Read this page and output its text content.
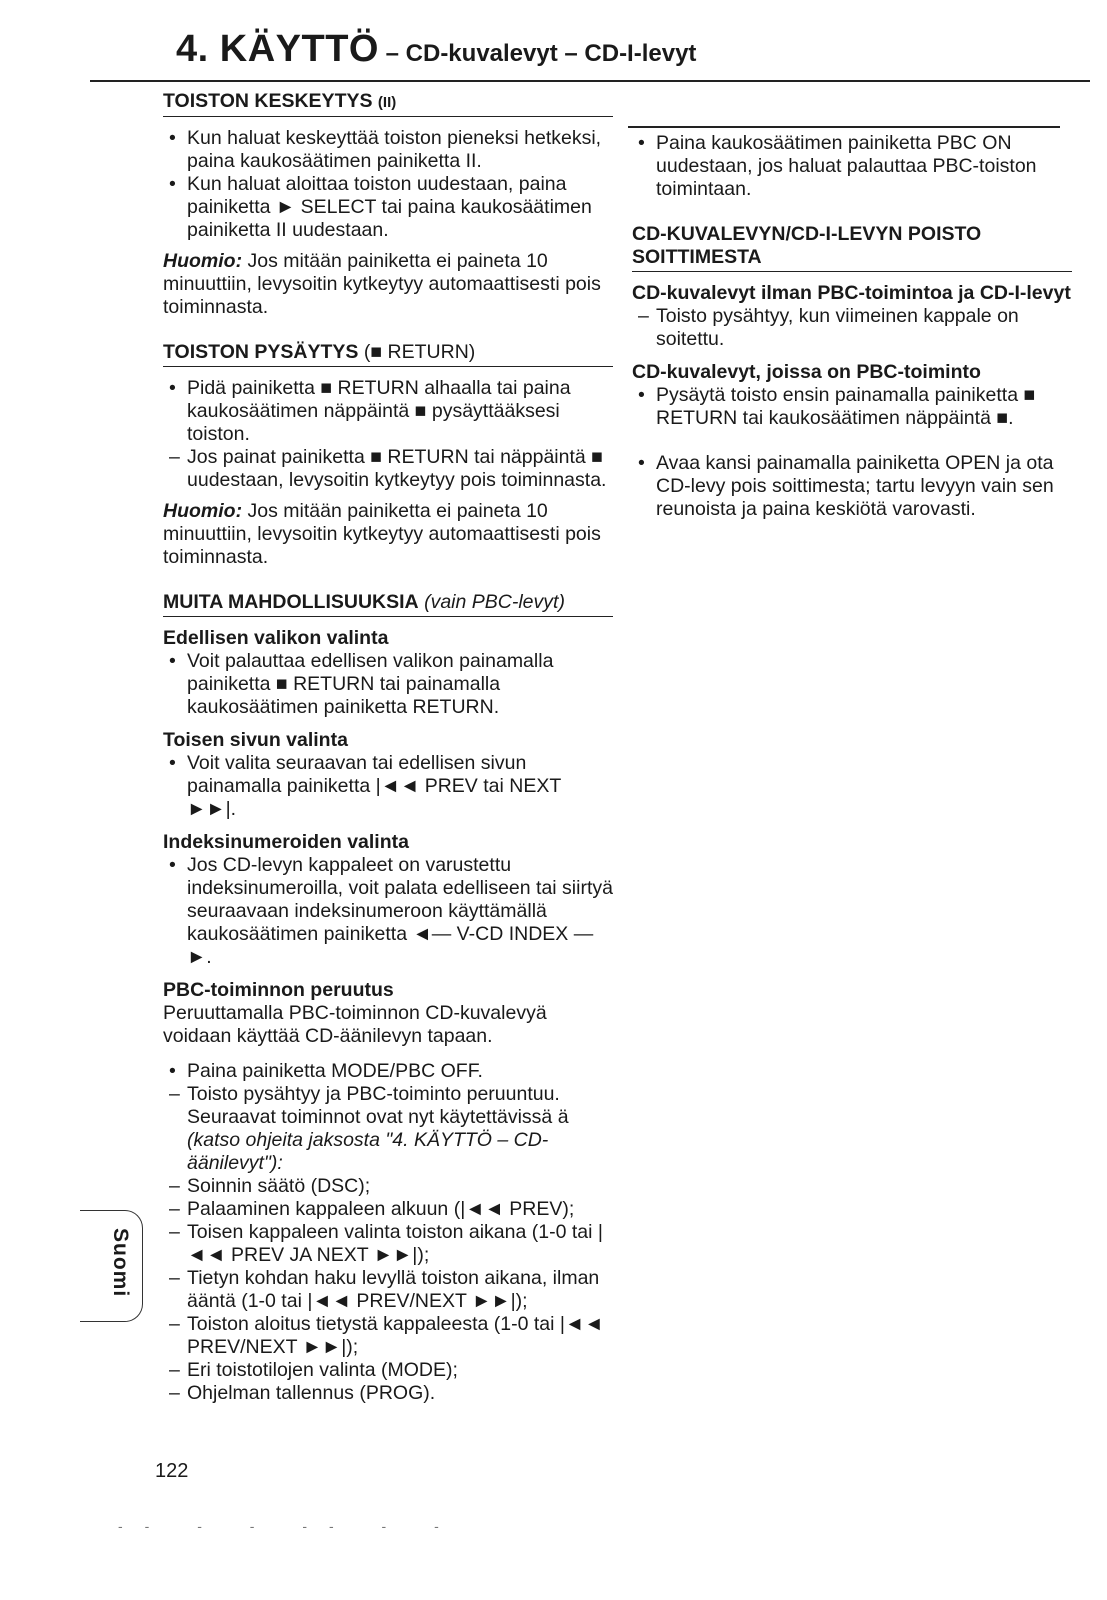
4. KÄYTTÖ – CD-kuvalevyt – CD-I-levyt
TOISTON KESKEYTYS (II)
• Kun haluat keskeyttää toiston pieneksi hetkeksi, paina kaukosäätimen painiketta II.
• Kun haluat aloittaa toiston uudestaan, paina painiketta ► SELECT tai paina kaukosäätimen painiketta II uudestaan.

Huomio: Jos mitään painiketta ei paineta 10 minuuttiin, levysoitin kytkeytyy automaattisesti pois toiminnasta.

TOISTON PYSÄYTYS (■ RETURN)
• Pidä painiketta ■ RETURN alhaalla tai paina kaukosäätimen näppäintä ■ pysäyttääksesi toiston.
– Jos painat painiketta ■ RETURN tai näppäintä ■ uudestaan, levysoitin kytkeytyy pois toiminnasta.

Huomio: Jos mitään painiketta ei paineta 10 minuuttiin, levysoitin kytkeytyy automaattisesti pois toiminnasta.

MUITA MAHDOLLISUUKSIA (vain PBC-levyt)
Edellisen valikon valinta
• Voit palauttaa edellisen valikon painamalla painiketta ■ RETURN tai painamalla kaukosäätimen painiketta RETURN.
Toisen sivun valinta
• Voit valita seuraavan tai edellisen sivun painamalla painiketta |◄◄ PREV tai NEXT ►►|.
Indeksinumeroiden valinta
• Jos CD-levyn kappaleet on varustettu indeksinumeroilla, voit palata edelliseen tai siirtyä seuraavaan indeksinumeroon käyttämällä kaukosäätimen painiketta ◄— V-CD INDEX —►.
PBC-toiminnon peruutus

Peruuttamalla PBC-toiminnon CD-kuvalevyä voidaan käyttää CD-äänilevyn tapaan.

• Paina painiketta MODE/PBC OFF.
– Toisto pysähtyy ja PBC-toiminto peruuntuu. Seuraavat toiminnot ovat nyt käytettävissä ä (katso ohjeita jaksosta "4. KÄYTTÖ – CD-äänilevyt"):
– Soinnin säätö (DSC);
– Palaaminen kappaleen alkuun (|◄◄ PREV);
– Toisen kappaleen valinta toiston aikana (1-0 tai |◄◄ PREV JA NEXT ►►|);
– Tietyn kohdan haku levyllä toiston aikana, ilman ääntä (1-0 tai |◄◄ PREV/NEXT ►►|);
– Toiston aloitus tietystä kappaleesta (1-0 tai |◄◄ PREV/NEXT ►►|);
– Eri toistotilojen valinta (MODE);
– Ohjelman tallennus (PROG).
• Paina kaukosäätimen painiketta PBC ON uudestaan, jos haluat palauttaa PBC-toiston toimintaan.
CD-KUVALEVYN/CD-I-LEVYN POISTO SOITTIMESTA
CD-kuvalevyt ilman PBC-toimintoa ja CD-I-levyt
– Toisto pysähtyy, kun viimeinen kappale on soitettu.
CD-kuvalevyt, joissa on PBC-toiminto
• Pysäytä toisto ensin painamalla painiketta ■ RETURN tai kaukosäätimen näppäintä ■.
• Avaa kansi painamalla painiketta OPEN ja ota CD-levy pois soittimesta; tartu levyyn vain sen reunoista ja paina keskiötä varovasti.
Suomi
122
-- - - -- - -
